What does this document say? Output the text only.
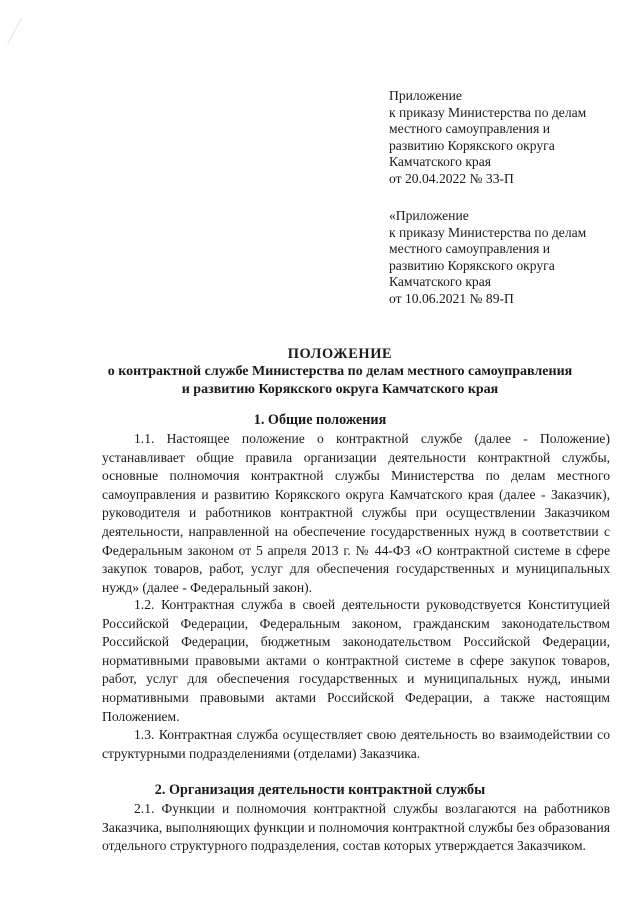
Приложение
к приказу Министерства по делам
местного самоуправления и
развитию Корякского округа
Камчатского края
от 20.04.2022 № 33-П
«Приложение
к приказу Министерства по делам
местного самоуправления и
развитию Корякского округа
Камчатского края
от 10.06.2021 № 89-П
ПОЛОЖЕНИЕ
о контрактной службе Министерства по делам местного самоуправления
и развитию Корякского округа Камчатского края
1. Общие положения
1.1. Настоящее положение о контрактной службе (далее - Положение) устанавливает общие правила организации деятельности контрактной службы, основные полномочия контрактной службы Министерства по делам местного самоуправления и развитию Корякского округа Камчатского края (далее - Заказчик), руководителя и работников контрактной службы при осуществлении Заказчиком деятельности, направленной на обеспечение государственных нужд в соответствии с Федеральным законом от 5 апреля 2013 г. № 44-ФЗ «О контрактной системе в сфере закупок товаров, работ, услуг для обеспечения государственных и муниципальных нужд» (далее - Федеральный закон).
1.2. Контрактная служба в своей деятельности руководствуется Конституцией Российской Федерации, Федеральным законом, гражданским законодательством Российской Федерации, бюджетным законодательством Российской Федерации, нормативными правовыми актами о контрактной системе в сфере закупок товаров, работ, услуг для обеспечения государственных и муниципальных нужд, иными нормативными правовыми актами Российской Федерации, а также настоящим Положением.
1.3. Контрактная служба осуществляет свою деятельность во взаимодействии со структурными подразделениями (отделами) Заказчика.
2. Организация деятельности контрактной службы
2.1. Функции и полномочия контрактной службы возлагаются на работников Заказчика, выполняющих функции и полномочия контрактной службы без образования отдельного структурного подразделения, состав которых утверждается Заказчиком.
